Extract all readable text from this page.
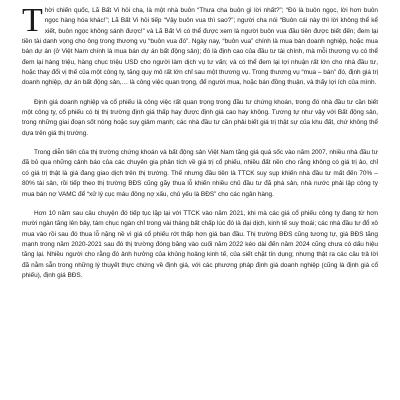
Thời chiến quốc, Lã Bất Vi hỏi cha, là một nhà buôn “Thưa cha buôn gì lời nhất?”; “Đó là buôn ngọc, lời hơn buôn ngọc hàng hóa khác!”; Lã Bất Vi hỏi tiếp “Vậy buôn vua thì sao?”; người cha nói “Buôn cái này thì lời không thể kể xiết, buôn ngọc không sánh được!” và Lã Bất Vi có thể được xem là người buôn vua đầu tiên được biết đến; đem lại tiền tài danh vọng cho ông trong thương vụ “buôn vua đó”. Ngày nay, “buôn vua” chính là mua bán doanh nghiệp, hoặc mua bán dự án (ở Việt Nam chính là mua bán dự án bất động sản); đó là định cao của đầu tư tài chính, mà mỗi thương vụ có thể đem lại hàng triệu, hàng chục triệu USD cho người làm dịch vụ tư vấn; và có thể đem lại lợi nhuận rất lớn cho nhà đầu tư, hoặc thay đổi vị thế của một công ty, tăng quy mô rất lớn chỉ sau một thương vụ. Trong thương vụ “mua – bán” đó, định giá trị doanh nghiệp, dự án bất động sản,… là công việc quan trọng, để người mua, hoặc bán đồng thuận, và thấy lợi ích của mình.

Định giá doanh nghiệp và cổ phiếu là công việc rất quan trọng trong đầu tư chứng khoán, trong đó nhà đầu tư cần biết một công ty, cổ phiếu có bị thị trường định giá thấp hay được định giá cao hay không. Tương tự như vậy với Bất động sản, trong những giai đoạn sốt nóng hoặc suy giảm mạnh; các nhà đầu tư cần phải biết giá trị thật sự của khu đất, chứ không thể dựa trên giá thị trường.

Trong diễn tiến của thị trường chứng khoán và bất động sản Việt Nam tăng giá quá sốc vào năm 2007, nhiều nhà đầu tư đã bỏ qua những cảnh báo của các chuyên gia phân tích về giá trị cổ phiếu, nhiều đất nền cho rằng không có giá trị ảo, chỉ có giá trị thật là giá đang giao dịch trên thị trường. Thế nhưng đầu tiên là TTCK suy sụp khiến nhà đầu tư mất đến 70% – 80% tài sản, rồi tiếp theo thị trường BĐS cũng gãy thua lỗ khiến nhiều chủ đầu tư đã phá sản, nhà nước phải lập công ty mua bán nợ VAMC để “xử lý cục máu đông nợ xấu, chủ yếu là BĐS” cho các ngân hàng.

Hơn 10 năm sau câu chuyện đó tiếp tục lặp lại với TTCK vào năm 2021, khi mà các giá cổ phiếu công ty đang từ hơn mười ngàn tăng lên bảy, tám chục ngàn chỉ trong vài tháng bất chấp lúc đó là đại dịch, kinh tế suy thoái; các nhà đầu tư đổ xô mua vào rồi sau đó thua lỗ nặng nề vì giá cổ phiếu rớt thấp hơn giá ban đầu. Thị trường BĐS cũng tương tự, giá BĐS tăng mạnh trong năm 2020-2021 sau đó thị trường đóng băng vào cuối năm 2022 kéo dài đến năm 2024 cũng chưa có dấu hiệu tăng lại. Nhiều người cho rằng đó ảnh hưởng của khủng hoảng kinh tế, của siết chặt tín dụng; nhưng thật ra các câu trả lời đã nằm sẵn trong những lý thuyết thực chứng về định giá, với các phương pháp định giá doanh nghiệp (cũng là định giá cổ phiếu), định giá BĐS.
